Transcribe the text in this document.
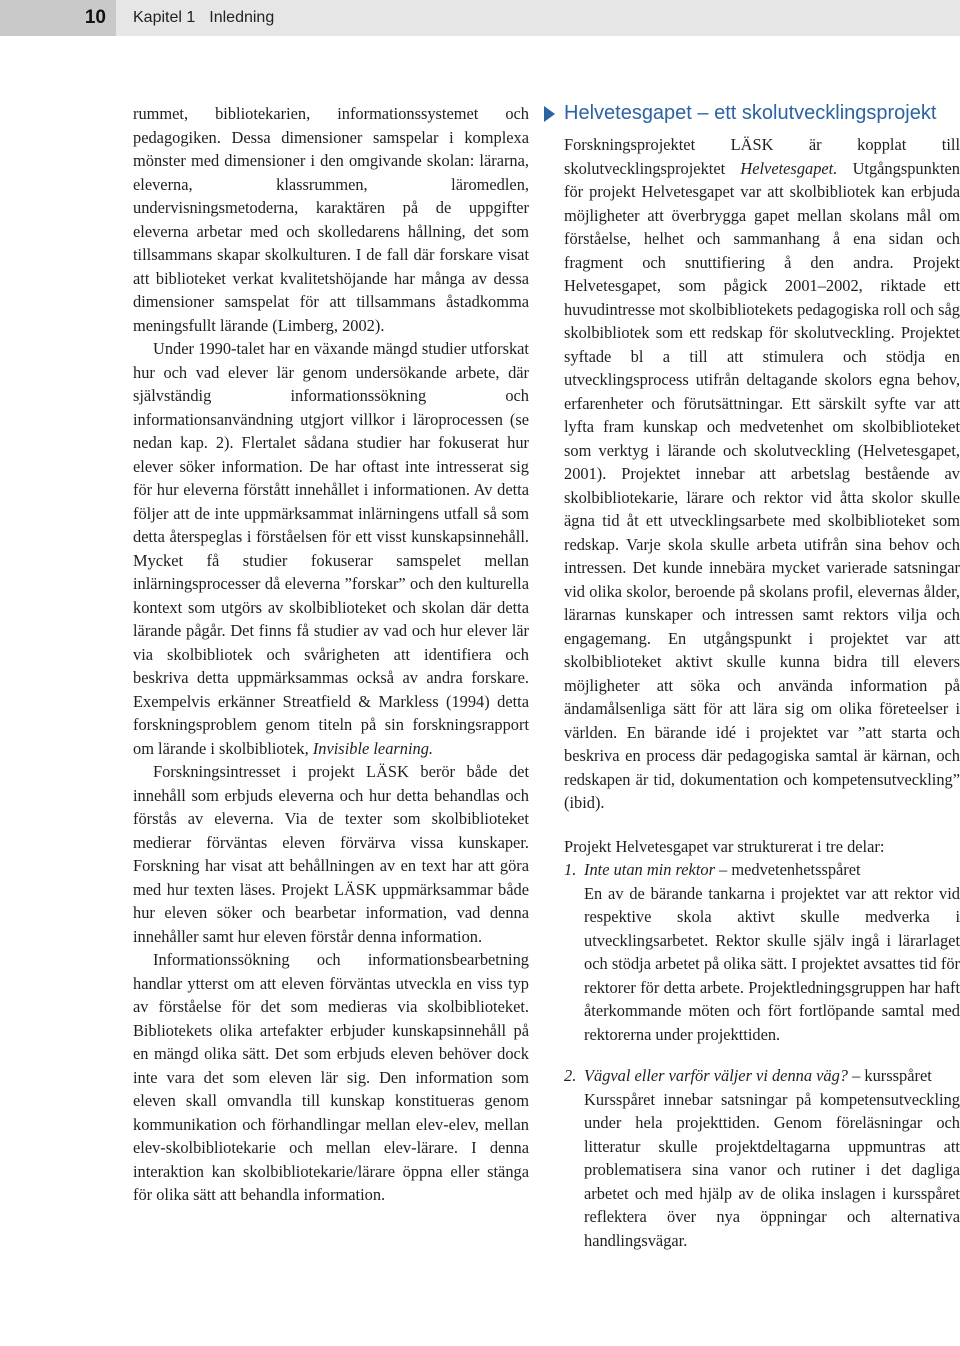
10	Kapitel 1 Inledning

rummet, bibliotekarien, informationssystemet och pedagogiken. Dessa dimensioner samspelar i komplexa mönster med dimensioner i den omgivande skolan: lärarna, eleverna, klassrummen, läromedlen, undervisningsmetoderna, karaktären på de uppgifter eleverna arbetar med och skolledarens hållning, det som tillsammans skapar skolkulturen. I de fall där forskare visat att biblioteket verkat kvalitetshöjande har många av dessa dimensioner samspelat för att tillsammans åstadkomma meningsfullt lärande (Limberg, 2002).

Under 1990-talet har en växande mängd studier utforskat hur och vad elever lär genom undersökande arbete, där självständig informationssökning och informationsanvändning utgjort villkor i läroprocessen (se nedan kap. 2). Flertalet sådana studier har fokuserat hur elever söker information. De har oftast inte intresserat sig för hur eleverna förstått innehållet i informationen. Av detta följer att de inte uppmärksammat inlärningens utfall så som detta återspeglas i förståelsen för ett visst kunskapsinnehåll. Mycket få studier fokuserar samspelet mellan inlärningsprocesser då eleverna ”forskar” och den kulturella kontext som utgörs av skolbiblioteket och skolan där detta lärande pågår. Det finns få studier av vad och hur elever lär via skolbibliotek och svårigheten att identifiera och beskriva detta uppmärksammas också av andra forskare. Exempelvis erkänner Streatfield & Markless (1994) detta forskningsproblem genom titeln på sin forskningsrapport om lärande i skolbibliotek, Invisible learning.

Forskningsintresset i projekt LÄSK berör både det innehåll som erbjuds eleverna och hur detta behandlas och förstås av eleverna. Via de texter som skolbiblioteket medierar förväntas eleven förvärva vissa kunskaper. Forskning har visat att behållningen av en text har att göra med hur texten läses. Projekt LÄSK uppmärksammar både hur eleven söker och bearbetar information, vad denna innehåller samt hur eleven förstår denna information.

Informationssökning och informationsbearbetning handlar ytterst om att eleven förväntas utveckla en viss typ av förståelse för det som medieras via skolbiblioteket. Bibliotekets olika artefakter erbjuder kunskapsinnehåll på en mängd olika sätt. Det som erbjuds eleven behöver dock inte vara det som eleven lär sig. Den information som eleven skall omvandla till kunskap konstitueras genom kommunikation och förhandlingar mellan elev-elev, mellan elev-skolbibliotekarie och mellan elev-lärare. I denna interaktion kan skolbibliotekarie/lärare öppna eller stänga för olika sätt att behandla information.

Helvetesgapet – ett skolutvecklingsprojekt

Forskningsprojektet LÄSK är kopplat till skolutvecklingsprojektet Helvetesgapet. Utgångspunkten för projekt Helvetesgapet var att skolbibliotek kan erbjuda möjligheter att överbrygga gapet mellan skolans mål om förståelse, helhet och sammanhang å ena sidan och fragment och snuttifiering å den andra. Projekt Helvetesgapet, som pågick 2001–2002, riktade ett huvudintresse mot skolbibliotekets pedagogiska roll och såg skolbibliotek som ett redskap för skolutveckling. Projektet syftade bl a till att stimulera och stödja en utvecklingsprocess utifrån deltagande skolors egna behov, erfarenheter och förutsättningar. Ett särskilt syfte var att lyfta fram kunskap och medvetenhet om skolbiblioteket som verktyg i lärande och skolutveckling (Helvetesgapet, 2001). Projektet innebar att arbetslag bestående av skolbibliotekarie, lärare och rektor vid åtta skolor skulle ägna tid åt ett utvecklingsarbete med skolbiblioteket som redskap. Varje skola skulle arbeta utifrån sina behov och intressen. Det kunde innebära mycket varierade satsningar vid olika skolor, beroende på skolans profil, elevernas ålder, lärarnas kunskaper och intressen samt rektors vilja och engagemang. En utgångspunkt i projektet var att skolbiblioteket aktivt skulle kunna bidra till elevers möjligheter att söka och använda information på ändamålsenliga sätt för att lära sig om olika företeelser i världen. En bärande idé i projektet var ”att starta och beskriva en process där pedagogiska samtal är kärnan, och redskapen är tid, dokumentation och kompetensutveckling” (ibid).

Projekt Helvetesgapet var strukturerat i tre delar:

1. Inte utan min rektor – medvetenhetsspåret
En av de bärande tankarna i projektet var att rektor vid respektive skola aktivt skulle medverka i utvecklingsarbetet. Rektor skulle själv ingå i lärarlaget och stödja arbetet på olika sätt. I projektet avsattes tid för rektorer för detta arbete. Projektledningsgruppen har haft återkommande möten och fört fortlöpande samtal med rektorerna under projekttiden.
2. Vägval eller varför väljer vi denna väg? – kursspåret
Kursspåret innebar satsningar på kompetensutveckling under hela projekttiden. Genom föreläsningar och litteratur skulle projektdeltagarna uppmuntras att problematisera sina vanor och rutiner i det dagliga arbetet och med hjälp av de olika inslagen i kursspåret reflektera över nya öppningar och alternativa handlingsvägar.
